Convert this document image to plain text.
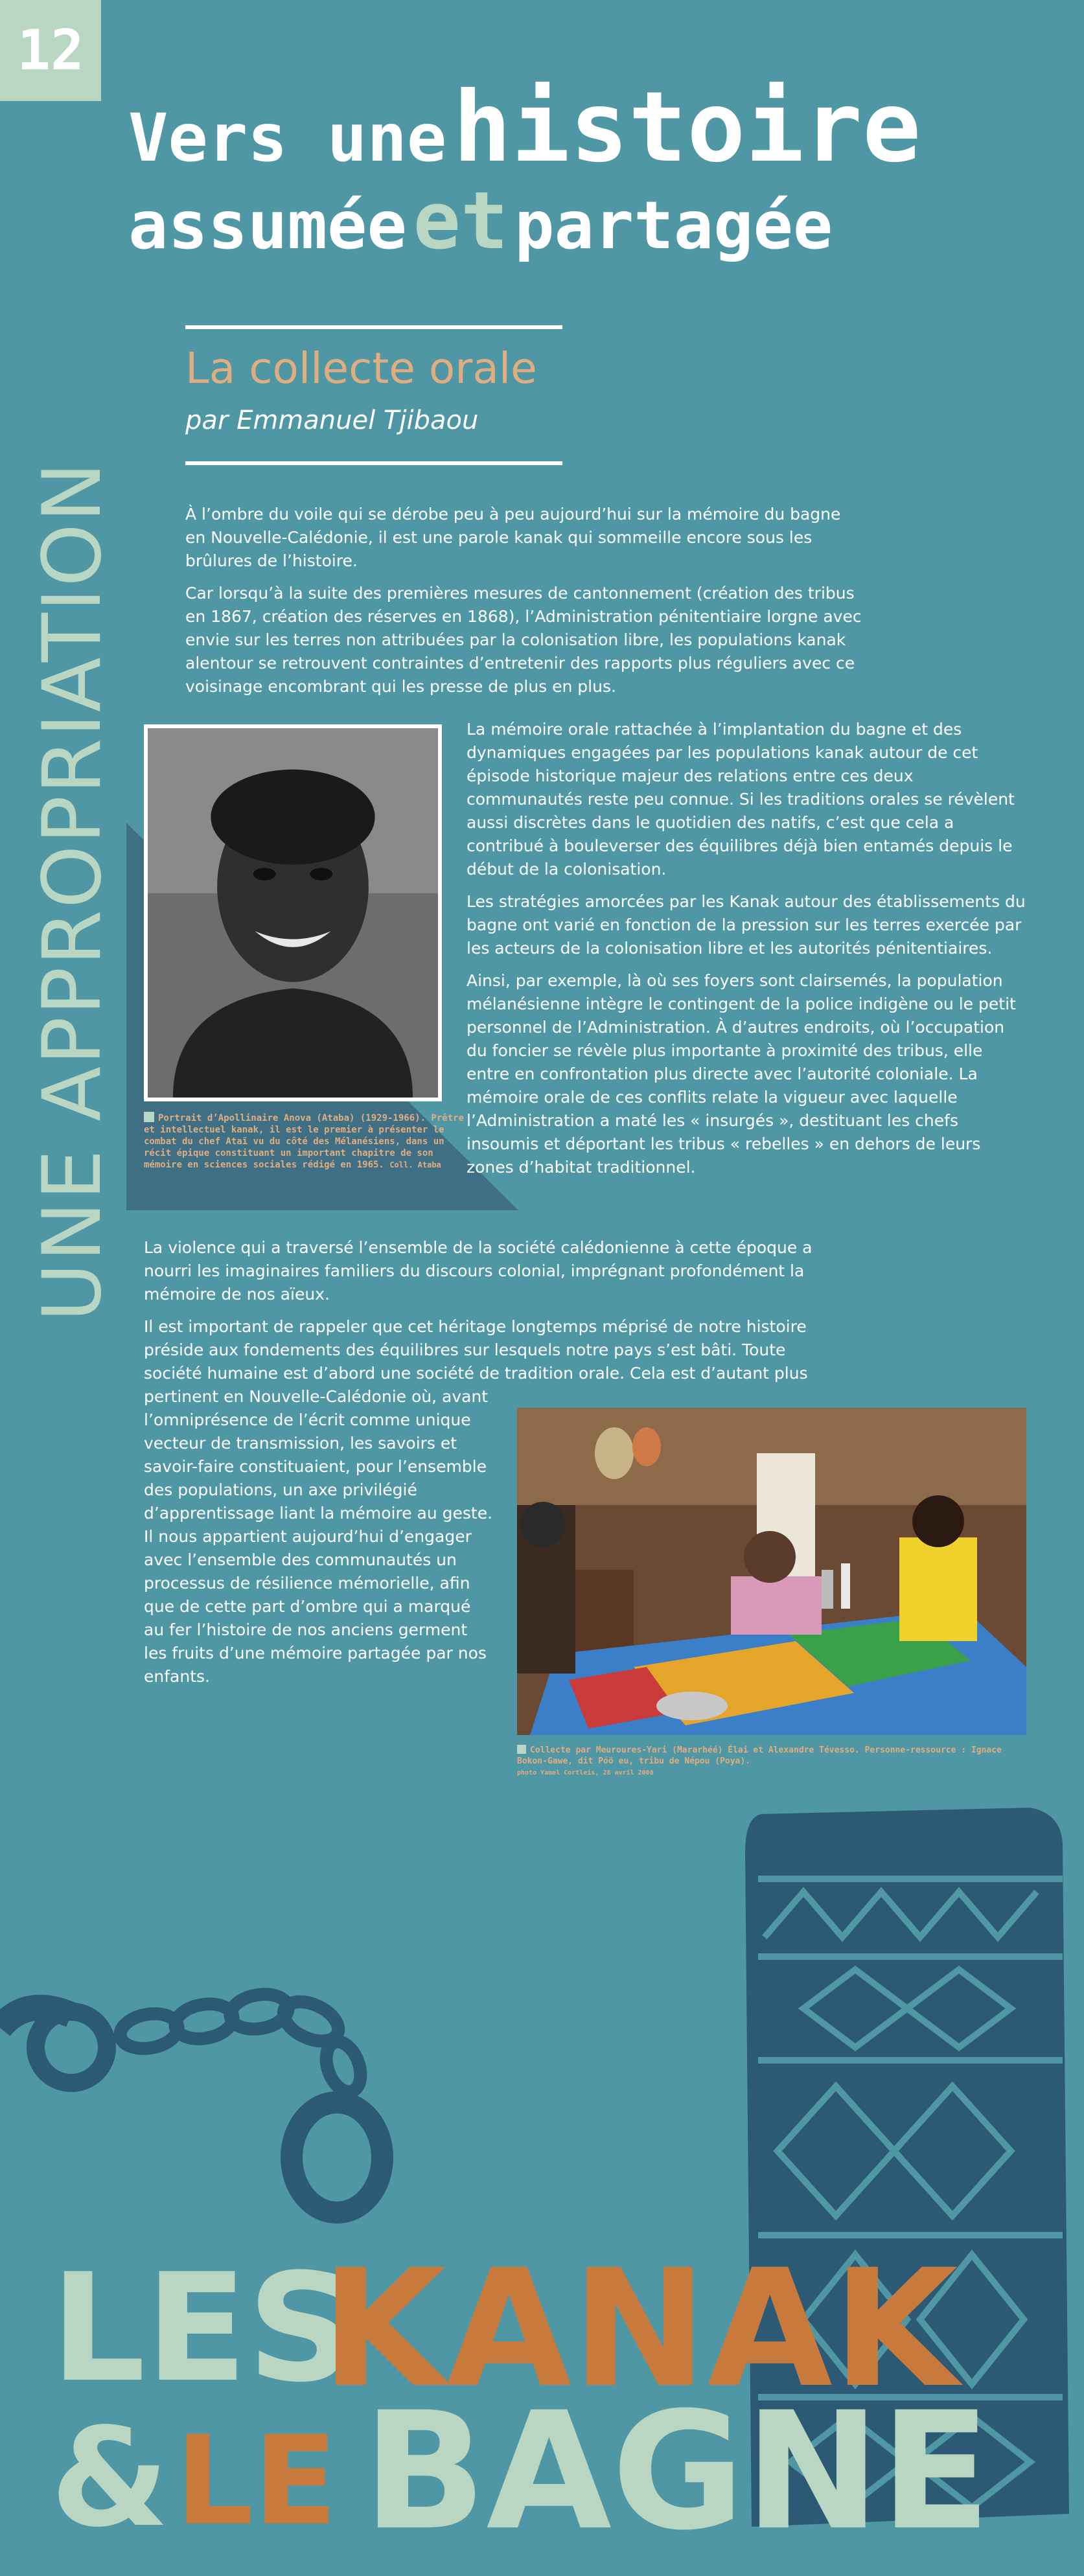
12
Vers une histoire
assumée et partagée
UNE APPROPRIATION
La collecte orale
par Emmanuel Tjibaou

À l’ombre du voile qui se dérobe peu à peu aujourd’hui sur la mémoire du bagne en Nouvelle-Calédonie, il est une parole kanak qui sommeille encore sous les brûlures de l’histoire.

Car lorsqu’à la suite des premières mesures de cantonnement (création des tribus en 1867, création des réserves en 1868), l’Administration pénitentiaire lorgne avec envie sur les terres non attribuées par la colonisation libre, les populations kanak alentour se retrouvent contraintes d’entretenir des rapports plus réguliers avec ce voisinage encombrant qui les presse de plus en plus.

Portrait d’Apollinaire Anova (Ataba) (1929-1966). Prêtre et intellectuel kanak, il est le premier à présenter le combat du chef Ataï vu du côté des Mélanésiens, dans un récit épique constituant un important chapitre de son mémoire en sciences sociales rédigé en 1965. Coll. Ataba

La mémoire orale rattachée à l’implantation du bagne et des dynamiques engagées par les populations kanak autour de cet épisode historique majeur des relations entre ces deux communautés reste peu connue. Si les traditions orales se révèlent aussi discrètes dans le quotidien des natifs, c’est que cela a contribué à bouleverser des équilibres déjà bien entamés depuis le début de la colonisation.

Les stratégies amorcées par les Kanak autour des établissements du bagne ont varié en fonction de la pression sur les terres exercée par les acteurs de la colonisation libre et les autorités pénitentiaires.

Ainsi, par exemple, là où ses foyers sont clairsemés, la population mélanésienne intègre le contingent de la police indigène ou le petit personnel de l’Administration. À d’autres endroits, où l’occupation du foncier se révèle plus importante à proximité des tribus, elle entre en confrontation plus directe avec l’autorité coloniale. La mémoire orale de ces conflits relate la vigueur avec laquelle l’Administration a maté les « insurgés », destituant les chefs insoumis et déportant les tribus « rebelles » en dehors de leurs zones d’habitat traditionnel.

La violence qui a traversé l’ensemble de la société calédonienne à cette époque a nourri les imaginaires familiers du discours colonial, imprégnant profondément la mémoire de nos aïeux.

Il est important de rappeler que cet héritage longtemps méprisé de notre histoire préside aux fondements des équilibres sur lesquels notre pays s’est bâti. Toute société humaine est d’abord une société de tradition orale. Cela est d’autant plus

pertinent en Nouvelle-Calédonie où, avant l’omniprésence de l’écrit comme unique vecteur de transmission, les savoirs et savoir-faire constituaient, pour l’ensemble des populations, un axe privilégié d’apprentissage liant la mémoire au geste. Il nous appartient aujourd’hui d’engager avec l’ensemble des communautés un processus de résilience mémorielle, afin que de cette part d’ombre qui a marqué au fer l’histoire de nos anciens germent les fruits d’une mémoire partagée par nos enfants.

Collecte par Meuroures-Yari (Mararhéé) Élai et Alexandre Tévesso. Personne-ressource : Ignace Bokon-Gawe, dit Póö eu, tribu de Népou (Poya).
photo Yamel Cortleis, 28 avril 2006
LES
KANAK
& LE BAGNE
